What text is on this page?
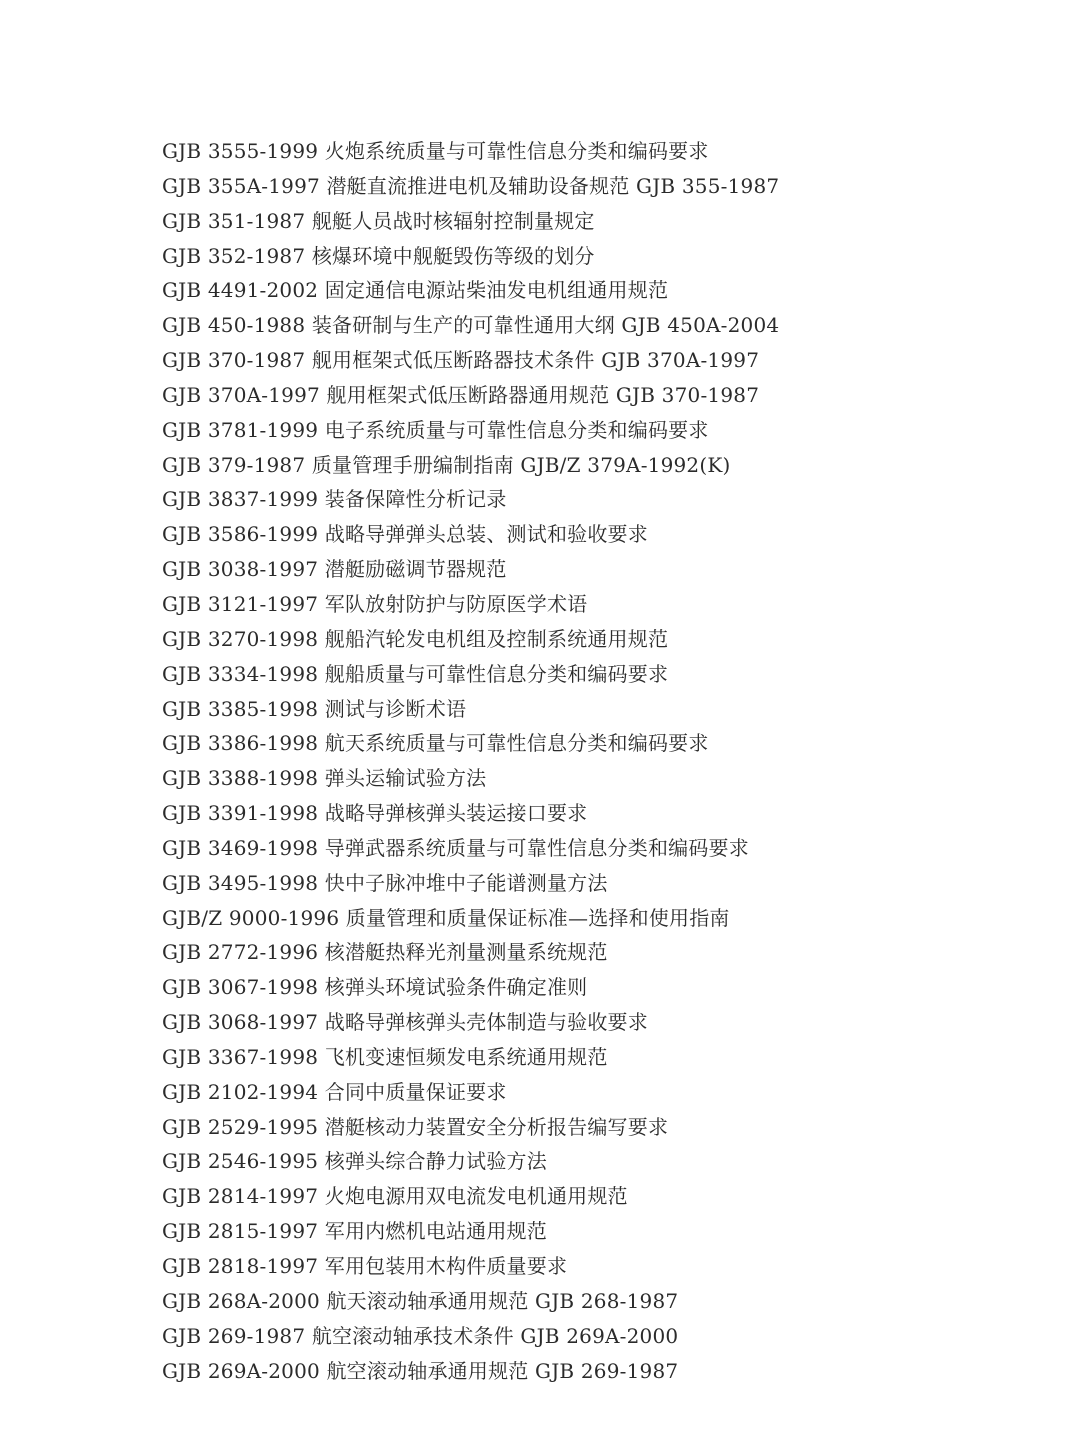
GJB 3555-1999 火炮系统质量与可靠性信息分类和编码要求
GJB 355A-1997 潜艇直流推进电机及辅助设备规范 GJB 355-1987
GJB 351-1987 舰艇人员战时核辐射控制量规定
GJB 352-1987 核爆环境中舰艇毁伤等级的划分
GJB 4491-2002 固定通信电源站柴油发电机组通用规范
GJB 450-1988 装备研制与生产的可靠性通用大纲 GJB 450A-2004
GJB 370-1987 舰用框架式低压断路器技术条件 GJB 370A-1997
GJB 370A-1997 舰用框架式低压断路器通用规范 GJB 370-1987
GJB 3781-1999 电子系统质量与可靠性信息分类和编码要求
GJB 379-1987 质量管理手册编制指南 GJB/Z 379A-1992(K)
GJB 3837-1999 装备保障性分析记录
GJB 3586-1999 战略导弹弹头总装、测试和验收要求
GJB 3038-1997 潜艇励磁调节器规范
GJB 3121-1997 军队放射防护与防原医学术语
GJB 3270-1998 舰船汽轮发电机组及控制系统通用规范
GJB 3334-1998 舰船质量与可靠性信息分类和编码要求
GJB 3385-1998 测试与诊断术语
GJB 3386-1998 航天系统质量与可靠性信息分类和编码要求
GJB 3388-1998 弹头运输试验方法
GJB 3391-1998 战略导弹核弹头装运接口要求
GJB 3469-1998 导弹武器系统质量与可靠性信息分类和编码要求
GJB 3495-1998 快中子脉冲堆中子能谱测量方法
GJB/Z 9000-1996 质量管理和质量保证标准—选择和使用指南
GJB 2772-1996 核潜艇热释光剂量测量系统规范
GJB 3067-1998 核弹头环境试验条件确定准则
GJB 3068-1997 战略导弹核弹头壳体制造与验收要求
GJB 3367-1998 飞机变速恒频发电系统通用规范
GJB 2102-1994 合同中质量保证要求
GJB 2529-1995 潜艇核动力装置安全分析报告编写要求
GJB 2546-1995 核弹头综合静力试验方法
GJB 2814-1997 火炮电源用双电流发电机通用规范
GJB 2815-1997 军用内燃机电站通用规范
GJB 2818-1997 军用包装用木构件质量要求
GJB 268A-2000 航天滚动轴承通用规范 GJB 268-1987
GJB 269-1987 航空滚动轴承技术条件 GJB 269A-2000
GJB 269A-2000 航空滚动轴承通用规范 GJB 269-1987
